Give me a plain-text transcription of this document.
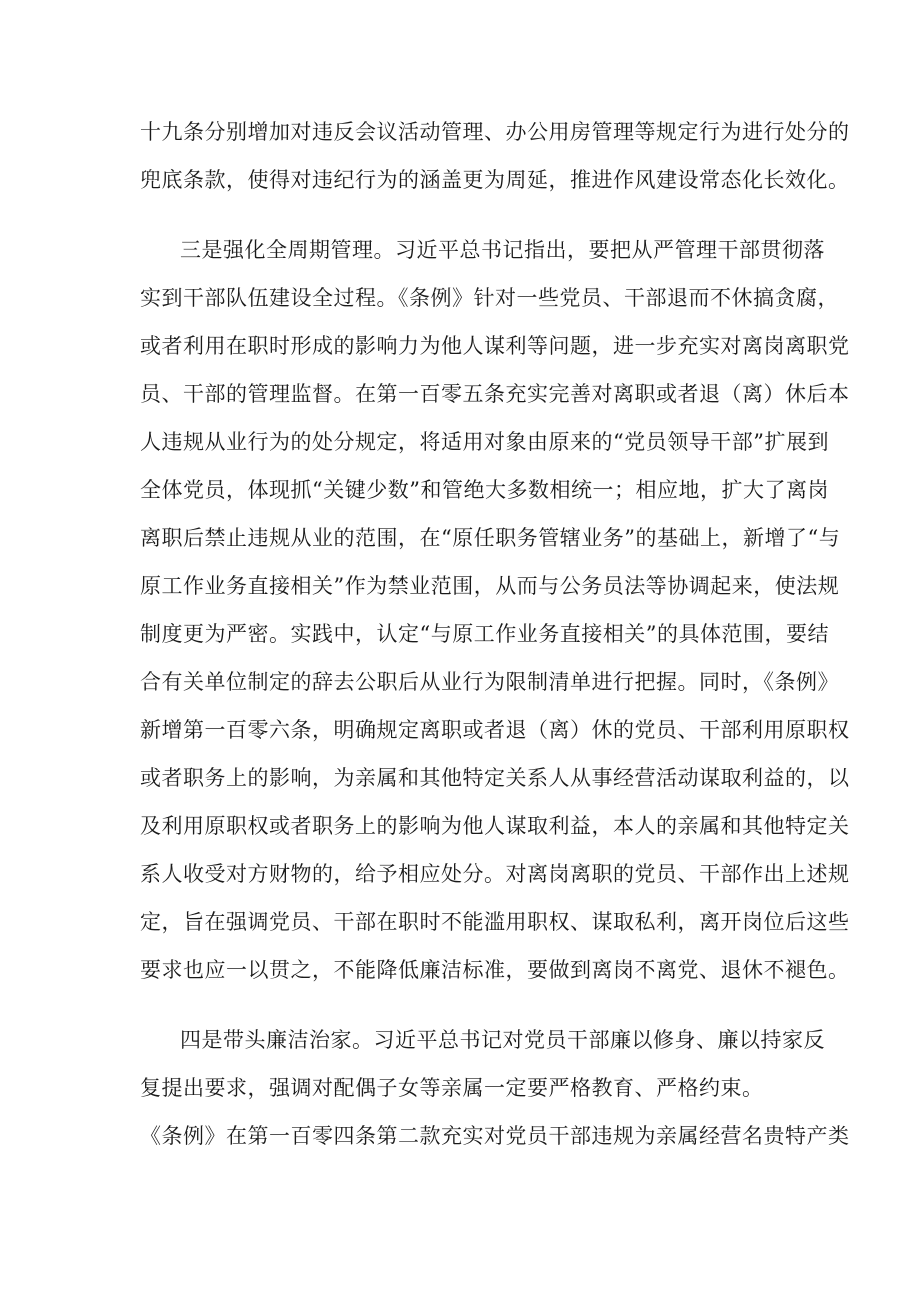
十九条分别增加对违反会议活动管理、办公用房管理等规定行为进行处分的
兜底条款，使得对违纪行为的涵盖更为周延，推进作风建设常态化长效化。
三是强化全周期管理。习近平总书记指出，要把从严管理干部贯彻落
实到干部队伍建设全过程。《条例》针对一些党员、干部退而不休搞贪腐，
或者利用在职时形成的影响力为他人谋利等问题，进一步充实对离岗离职党
员、干部的管理监督。在第一百零五条充实完善对离职或者退（离）休后本
人违规从业行为的处分规定，将适用对象由原来的“党员领导干部”扩展到
全体党员，体现抓“关键少数”和管绝大多数相统一；相应地，扩大了离岗
离职后禁止违规从业的范围，在“原任职务管辖业务”的基础上，新增了“与
原工作业务直接相关”作为禁业范围，从而与公务员法等协调起来，使法规
制度更为严密。实践中，认定“与原工作业务直接相关”的具体范围，要结
合有关单位制定的辞去公职后从业行为限制清单进行把握。同时，《条例》
新增第一百零六条，明确规定离职或者退（离）休的党员、干部利用原职权
或者职务上的影响，为亲属和其他特定关系人从事经营活动谋取利益的，以
及利用原职权或者职务上的影响为他人谋取利益，本人的亲属和其他特定关
系人收受对方财物的，给予相应处分。对离岗离职的党员、干部作出上述规
定，旨在强调党员、干部在职时不能滥用职权、谋取私利，离开岗位后这些
要求也应一以贯之，不能降低廉洁标准，要做到离岗不离党、退休不褪色。
四是带头廉洁治家。习近平总书记对党员干部廉以修身、廉以持家反
复提出要求，强调对配偶子女等亲属一定要严格教育、严格约束。
《条例》在第一百零四条第二款充实对党员干部违规为亲属经营名贵特产类
